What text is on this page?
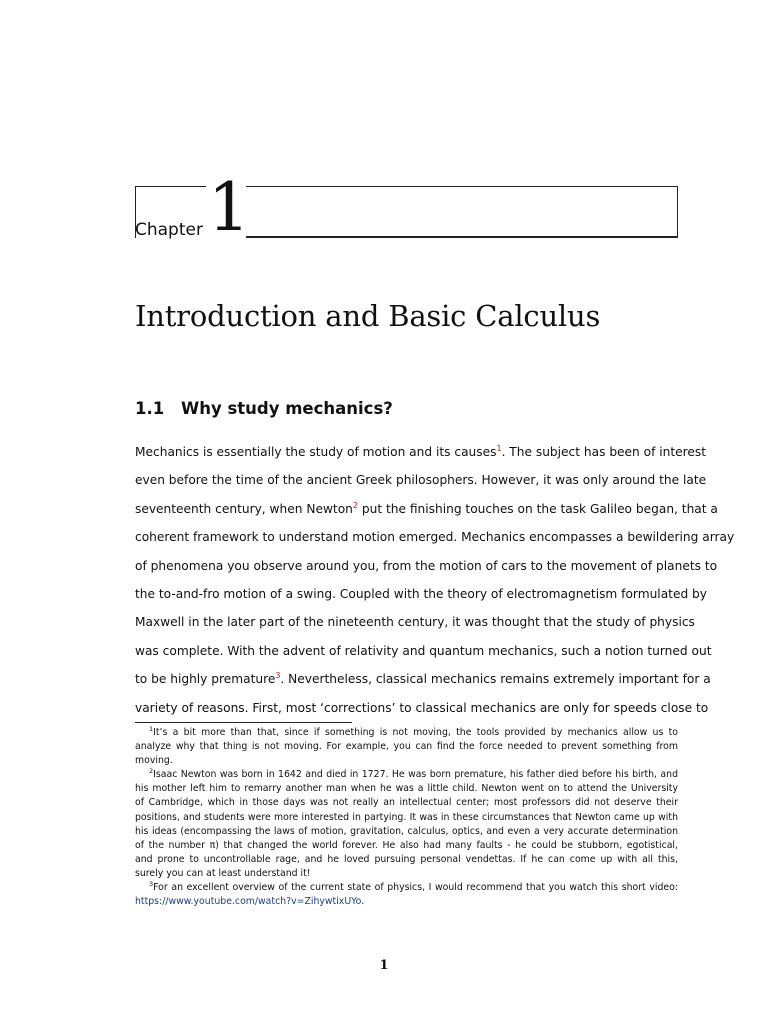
Chapter 1
Introduction and Basic Calculus
1.1 Why study mechanics?
Mechanics is essentially the study of motion and its causes$^1$. The subject has been of interest
even before the time of the ancient Greek philosophers. However, it was only around the late
seventeenth century, when Newton$^2$ put the finishing touches on the task Galileo began, that a
coherent framework to understand motion emerged. Mechanics encompasses a bewildering array
of phenomena you observe around you, from the motion of cars to the movement of planets to
the to-and-fro motion of a swing. Coupled with the theory of electromagnetism formulated by
Maxwell in the later part of the nineteenth century, it was thought that the study of physics
was complete. With the advent of relativity and quantum mechanics, such a notion turned out
to be highly premature$^3$. Nevertheless, classical mechanics remains extremely important for a
variety of reasons. First, most ‘corrections’ to classical mechanics are only for speeds close to
$^1$It’s a bit more than that, since if something is not moving, the tools provided by mechanics allow us to
analyze why that thing is not moving. For example, you can find the force needed to prevent something from
moving.
$^2$Isaac Newton was born in 1642 and died in 1727. He was born premature, his father died before his birth, and
his mother left him to remarry another man when he was a little child. Newton went on to attend the University
of Cambridge, which in those days was not really an intellectual center; most professors did not deserve their
positions, and students were more interested in partying. It was in these circumstances that Newton came up with
his ideas (encompassing the laws of motion, gravitation, calculus, optics, and even a very accurate determination
of the number π) that changed the world forever. He also had many faults - he could be stubborn, egotistical,
and prone to uncontrollable rage, and he loved pursuing personal vendettas. If he can come up with all this,
surely you can at least understand it!
$^3$For an excellent overview of the current state of physics, I would recommend that you watch this short video:
https://www.youtube.com/watch?v=ZihywtixUYo.
1
